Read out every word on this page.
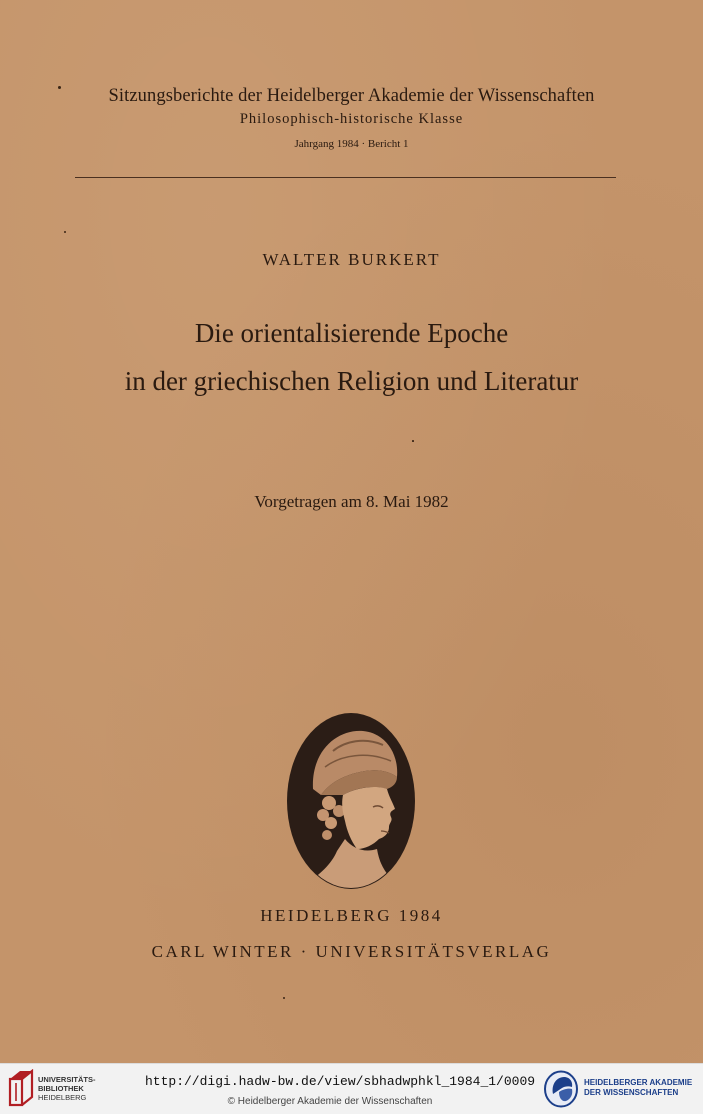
Sitzungsberichte der Heidelberger Akademie der Wissenschaften
Philosophisch-historische Klasse
Jahrgang 1984 · Bericht 1
WALTER BURKERT
Die orientalisierende Epoche
in der griechischen Religion und Literatur
Vorgetragen am 8. Mai 1982
HEIDELBERG 1984
CARL WINTER · UNIVERSITÄTSVERLAG
UNIVERSITÄTS-
BIBLIOTHEK
HEIDELBERG
http://digi.hadw-bw.de/view/sbhadwphkl_1984_1/0009
© Heidelberger Akademie der Wissenschaften
HEIDELBERGER AKADEMIE
DER WISSENSCHAFTEN
